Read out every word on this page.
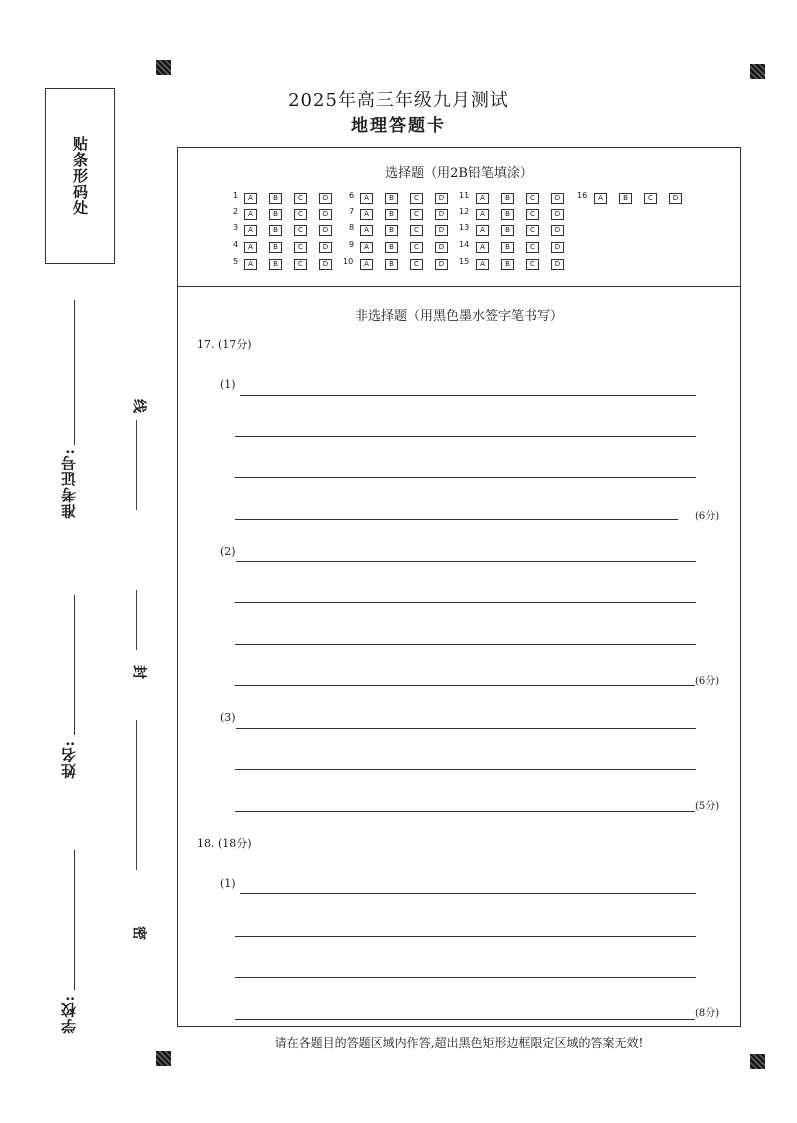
2025年高三年级九月测试
地理答题卡
贴条形码处
学校:
姓名:
准考证号:
线
封
密
选择题（用2B铅笔填涂）
1	A	B	C	D
2	A	B	C	D
3	A	B	C	D
4	A	B	C	D
5	A	B	C	D
6	A	B	C	D
7	A	B	C	D
8	A	B	C	D
9	A	B	C	D
10	A	B	C	D
11	A	B	C	D
12	A	B	C	D
13	A	B	C	D
14	A	B	C	D
15	A	B	C	D
16	A	B	C	D
非选择题（用黑色墨水签字笔书写）
17. (17分)
(1)
(6分)
(2)
(6分)
(3)
(5分)
18. (18分)
(1)
(8分)
请在各题目的答题区域内作答,超出黑色矩形边框限定区域的答案无效!
